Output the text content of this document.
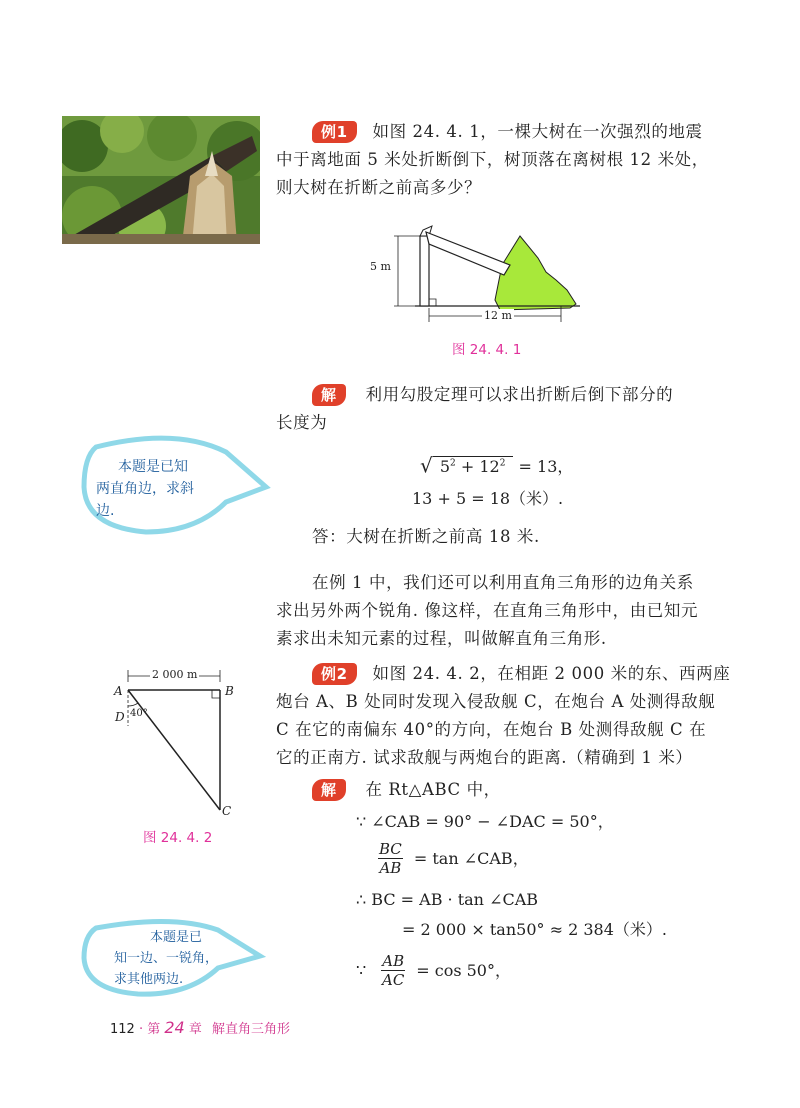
例1 如图 24. 4. 1，一棵大树在一次强烈的地震
中于离地面 5 米处折断倒下，树顶落在离树根 12 米处，
则大树在折断之前高多少？
5 m
12 m
图 24. 4. 1
解 利用勾股定理可以求出折断后倒下部分的
长度为
√ $5^2 + 12^2 = 13$，
13 + 5 = 18（米）.
答：大树在折断之前高 18 米.
本题是已知
两直角边，求斜
边.
在例 1 中，我们还可以利用直角三角形的边角关系
求出另外两个锐角. 像这样，在直角三角形中，由已知元
素求出未知元素的过程，叫做解直角三角形.
例2 如图 24. 4. 2，在相距 2 000 米的东、西两座
炮台 A、B 处同时发现入侵敌舰 C，在炮台 A 处测得敌舰
C 在它的南偏东 40°的方向，在炮台 B 处测得敌舰 C 在
它的正南方. 试求敌舰与两炮台的距离.（精确到 1 米）
2 000 m
A	B
D 40°
C
图 24. 4. 2
解 在 Rt△ABC 中，
∵ ∠CAB = 90° − ∠DAC = 50°，
$\frac{BC}{AB} = \tan$ ∠CAB，
∴ BC = AB · tan ∠CAB
= 2 000 × tan50° ≈ 2 384（米）.
∵ $\frac{AB}{AC} = \cos 50^\circ$，
本题是已
知一边、一锐角，
求其他两边.
112 · 第 24 章 解直角三角形
